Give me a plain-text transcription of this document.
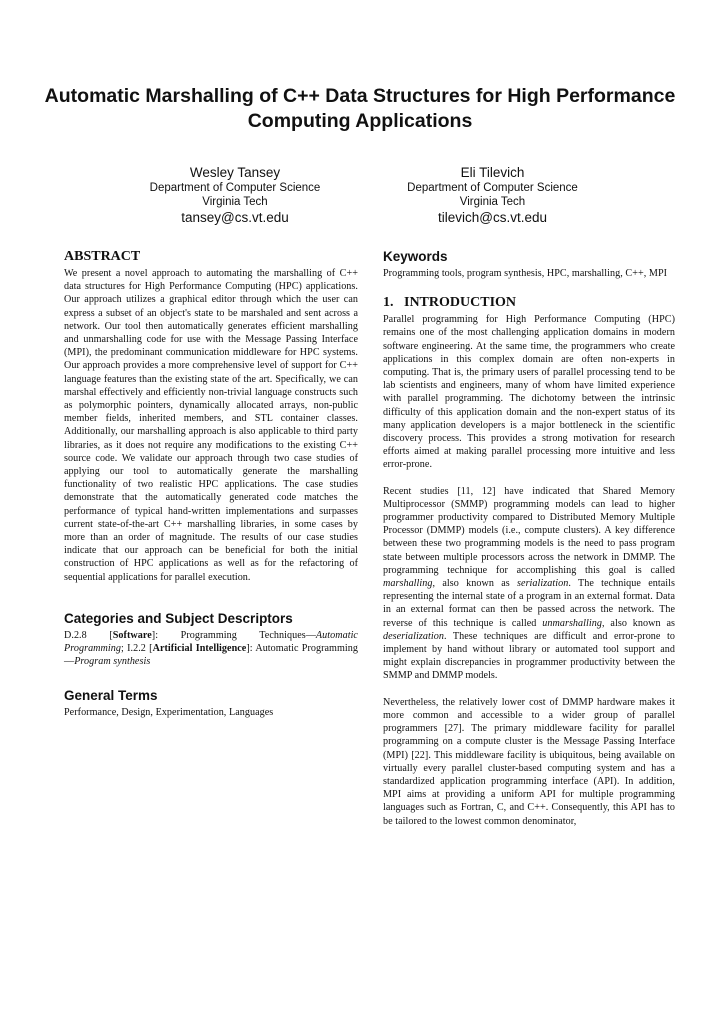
Automatic Marshalling of C++ Data Structures for High Performance Computing Applications
Wesley Tansey
Department of Computer Science
Virginia Tech
tansey@cs.vt.edu
Eli Tilevich
Department of Computer Science
Virginia Tech
tilevich@cs.vt.edu
ABSTRACT

We present a novel approach to automating the marshalling of C++ data structures for High Performance Computing (HPC) applications. Our approach utilizes a graphical editor through which the user can express a subset of an object's state to be marshaled and sent across a network. Our tool then automatically generates efficient marshalling and unmarshalling code for use with the Message Passing Interface (MPI), the predominant communication middleware for HPC systems. Our approach provides a more comprehensive level of support for C++ language features than the existing state of the art. Specifically, we can marshal effectively and efficiently non-trivial language constructs such as polymorphic pointers, dynamically allocated arrays, non-public member fields, inherited members, and STL container classes. Additionally, our marshalling approach is also applicable to third party libraries, as it does not require any modifications to the existing C++ source code. We validate our approach through two case studies of applying our tool to automatically generate the marshalling functionality of two realistic HPC applications. The case studies demonstrate that the automatically generated code matches the performance of typical hand-written implementations and surpasses current state-of-the-art C++ marshalling libraries, in some cases by more than an order of magnitude. The results of our case studies indicate that our approach can be beneficial for both the initial construction of HPC applications as well as for the refactoring of sequential applications for parallel execution.

Categories and Subject Descriptors

D.2.8 [Software]: Programming Techniques—Automatic Programming; I.2.2 [Artificial Intelligence]: Automatic Programming—Program synthesis

General Terms

Performance, Design, Experimentation, Languages

Keywords

Programming tools, program synthesis, HPC, marshalling, C++, MPI

1.   INTRODUCTION

Parallel programming for High Performance Computing (HPC) remains one of the most challenging application domains in modern software engineering. At the same time, the programmers who create applications in this complex domain are often non-experts in computing. That is, the primary users of parallel processing tend to be lab scientists and engineers, many of whom have limited experience with parallel programming. The dichotomy between the intrinsic difficulty of this application domain and the non-expert status of its many application developers is a major bottleneck in the scientific discovery process. This provides a strong motivation for research efforts aimed at making parallel processing more intuitive and less error-prone.

Recent studies [11, 12] have indicated that Shared Memory Multiprocessor (SMMP) programming models can lead to higher programmer productivity compared to Distributed Memory Multiple Processor (DMMP) models (i.e., compute clusters). A key difference between these two programming models is the need to pass program state between multiple processors across the network in DMMP. The programming technique for accomplishing this goal is called marshalling, also known as serialization. The technique entails representing the internal state of a program in an external format. Data in an external format can then be passed across the network. The reverse of this technique is called unmarshalling, also known as deserialization. These techniques are difficult and error-prone to implement by hand without library or automated tool support and might explain discrepancies in programmer productivity between the SMMP and DMMP models.

Nevertheless, the relatively lower cost of DMMP hardware makes it more common and accessible to a wider group of parallel programmers [27]. The primary middleware facility for parallel programming on a compute cluster is the Message Passing Interface (MPI) [22]. This middleware facility is ubiquitous, being available on virtually every parallel cluster-based computing system and has a standardized application programming interface (API). In addition, MPI aims at providing a uniform API for multiple programming languages such as Fortran, C, and C++. Consequently, this API has to be tailored to the lowest common denominator,
